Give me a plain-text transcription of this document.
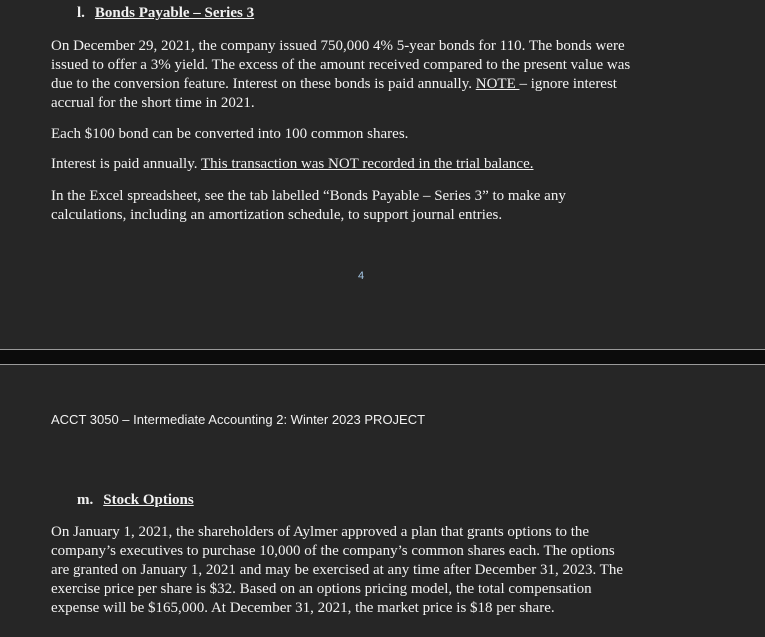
l. Bonds Payable – Series 3

On December 29, 2021, the company issued 750,000 4% 5-year bonds for 110. The bonds were
issued to offer a 3% yield. The excess of the amount received compared to the present value was
due to the conversion feature. Interest on these bonds is paid annually. NOTE – ignore interest
accrual for the short time in 2021.

Each $100 bond can be converted into 100 common shares.

Interest is paid annually. This transaction was NOT recorded in the trial balance.

In the Excel spreadsheet, see the tab labelled “Bonds Payable – Series 3” to make any
calculations, including an amortization schedule, to support journal entries.

4
ACCT 3050 – Intermediate Accounting 2: Winter 2023 PROJECT
m. Stock Options

On January 1, 2021, the shareholders of Aylmer approved a plan that grants options to the
company’s executives to purchase 10,000 of the company’s common shares each. The options
are granted on January 1, 2021 and may be exercised at any time after December 31, 2023. The
exercise price per share is $32. Based on an options pricing model, the total compensation
expense will be $165,000. At December 31, 2021, the market price is $18 per share.
